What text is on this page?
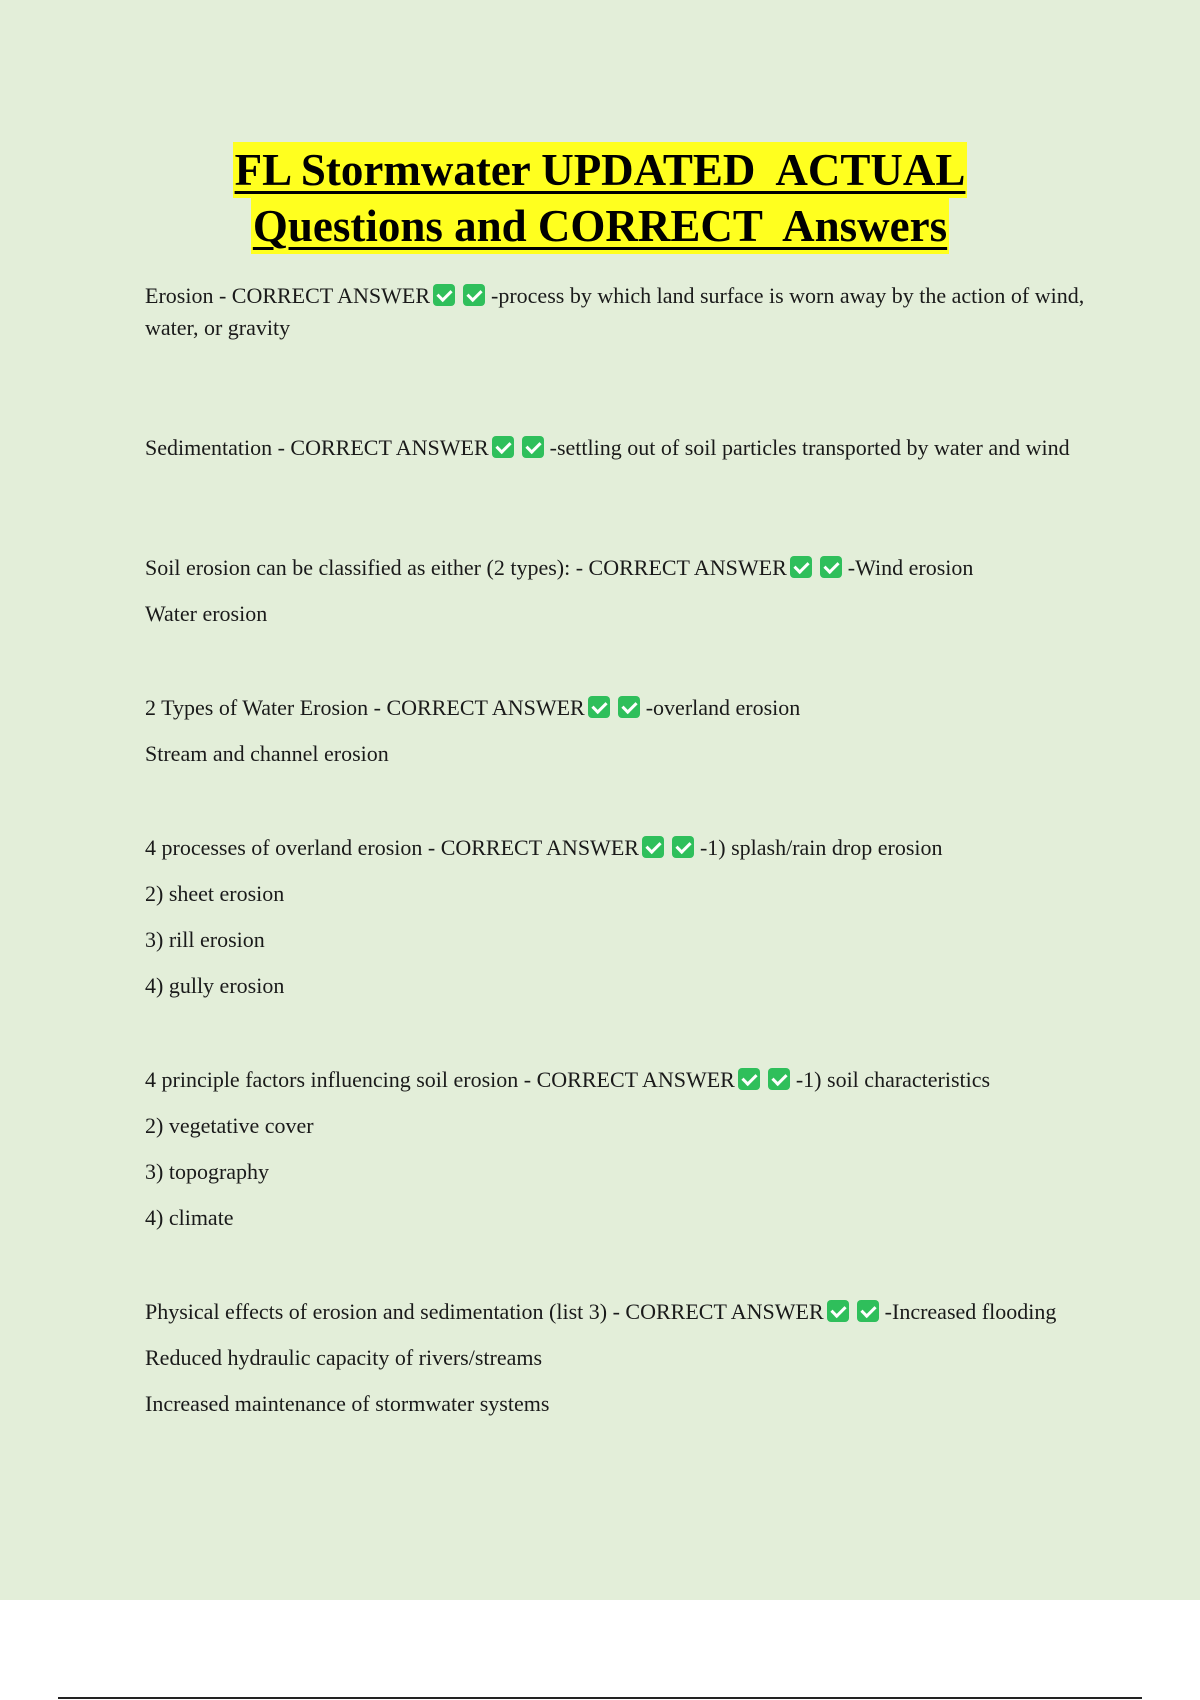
FL Stormwater UPDATED  ACTUAL
Questions and CORRECT  Answers

Erosion - CORRECT ANSWER	-process by which land surface is worn away by the action of wind, water, or gravity

Sedimentation - CORRECT ANSWER	-settling out of soil particles transported by water and wind

Soil erosion can be classified as either (2 types): - CORRECT ANSWER	-Wind erosion

Water erosion

2 Types of Water Erosion - CORRECT ANSWER	-overland erosion

Stream and channel erosion

4 processes of overland erosion - CORRECT ANSWER	-1) splash/rain drop erosion

2) sheet erosion

3) rill erosion

4) gully erosion

4 principle factors influencing soil erosion - CORRECT ANSWER	-1) soil characteristics

2) vegetative cover

3) topography

4) climate

Physical effects of erosion and sedimentation (list 3) - CORRECT ANSWER	-Increased flooding

Reduced hydraulic capacity of rivers/streams

Increased maintenance of stormwater systems
